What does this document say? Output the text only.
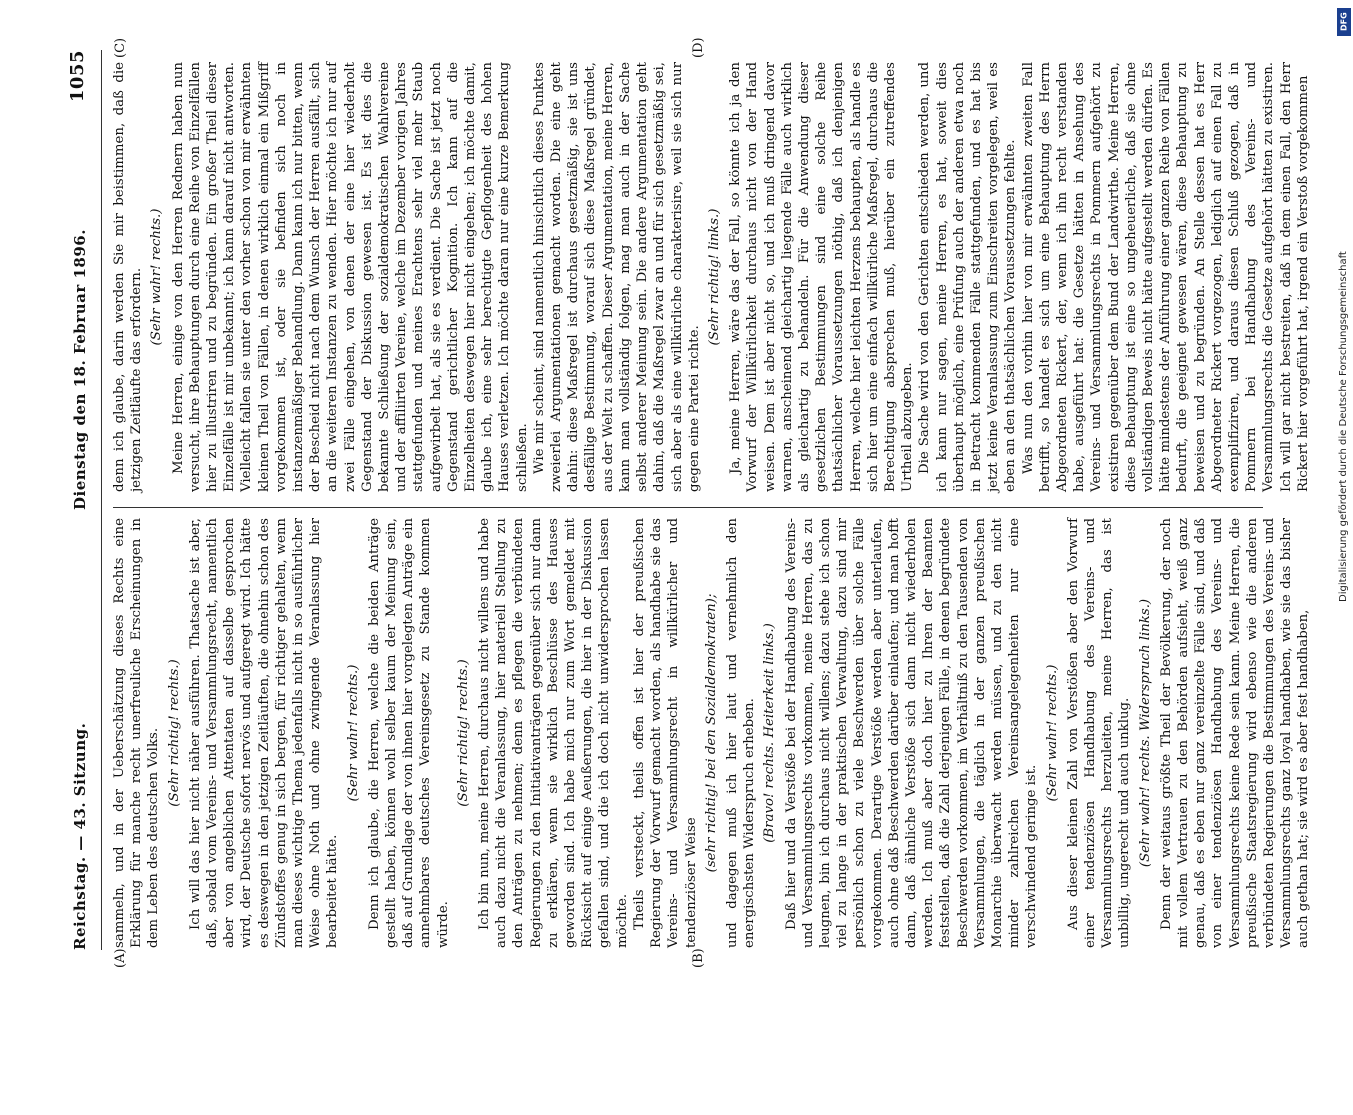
Reichstag. — 43. Sitzung.
Dienstag den 18. Februar 1896.
1055
(A)	(B)
(C)	(D)

sammeln, und in der Ueberschätzung dieses Rechts eine Erklärung für manche recht unerfreuliche Erscheinungen in dem Leben des deutschen Volks. (Sehr richtig! rechts.) Ich will das hier nicht näher ausführen. Thatsache ist aber, daß, sobald vom Vereins- und Versammlungsrecht, namentlich aber von angeblichen Attentaten auf dasselbe gesprochen wird, der Deutsche sofort nervös und aufgeregt wird. Ich hätte es deswegen in den jetzigen Zeitläuften, die ohnehin schon des Zündstoffes genug in sich bergen, für richtiger gehalten, wenn man dieses wichtige Thema jedenfalls nicht in so ausführlicher Weise ohne Noth und ohne zwingende Veranlassung hier bearbeitet hätte.

(Sehr wahr! rechts.) Denn ich glaube, die Herren, welche die beiden Anträge gestellt haben, können wohl selber kaum der Meinung sein, daß auf Grundlage der von ihnen hier vorgelegten Anträge ein annehmbares deutsches Vereinsgesetz zu Stande kommen würde.

(Sehr richtig! rechts.) Ich bin nun, meine Herren, durchaus nicht willens und habe auch dazu nicht die Veranlassung, hier materiell Stellung zu den Anträgen zu nehmen; denn es pflegen die verbündeten Regierungen zu den Initiativanträgen gegenüber sich nur dann zu erklären, wenn sie wirklich Beschlüsse des Hauses geworden sind. Ich habe mich nur zum Wort gemeldet mit Rücksicht auf einige Aeußerungen, die hier in der Diskussion gefallen sind, und die ich doch nicht unwidersprochen lassen möchte. Theils versteckt, theils offen ist hier der preußischen Regierung der Vorwurf gemacht worden, als handhabe sie das Vereins- und Versammlungsrecht in willkürlicher und tendenziöser Weise

(sehr richtig! bei den Sozialdemokraten); und dagegen muß ich hier laut und vernehmlich den energischsten Widerspruch erheben. (Bravo! rechts. Heiterkeit links.) Daß hier und da Verstöße bei der Handhabung des Vereins- und Versammlungsrechts vorkommen, meine Herren, das zu leugnen, bin ich durchaus nicht willens; dazu stehe ich schon viel zu lange in der praktischen Verwaltung, dazu sind mir persönlich schon zu viele Beschwerden über solche Fälle vorgekommen. Derartige Verstöße werden aber unterlaufen, auch ohne daß Beschwerden darüber einlaufen; und man hofft dann, daß ähnliche Verstöße sich dann nicht wiederholen werden. Ich muß aber doch hier zu Ihren der Beamten feststellen, daß die Zahl derjenigen Fälle, in denen begründete Beschwerden vorkommen, im Verhältniß zu den Tausenden von Versammlungen, die täglich in der ganzen preußischen Monarchie überwacht werden müssen, und zu den nicht minder zahlreichen Vereinsangelegenheiten nur eine verschwindend geringe ist.

(Sehr wahr! rechts.) Aus dieser kleinen Zahl von Verstößen aber den Vorwurf einer tendenziösen Handhabung des Vereins- und Versammlungsrechts herzuleiten, meine Herren, das ist unbillig, ungerecht und auch unklug. (Sehr wahr! rechts. Widerspruch links.) Denn der weitaus größte Theil der Bevölkerung, der noch mit vollem Vertrauen zu den Behörden aufsieht, weiß ganz genau, daß es eben nur ganz vereinzelte Fälle sind, und daß von einer tendenziösen Handhabung des Vereins- und Versammlungsrechts keine Rede sein kann. Meine Herren, die preußische Staatsregierung wird ebenso wie die anderen verbündeten Regierungen die Bestimmungen des Vereins- und Versammlungsrechts ganz loyal handhaben, wie sie das bisher auch gethan hat; sie wird es aber fest handhaben,

denn ich glaube, darin werden Sie mir beistimmen, daß die jetzigen Zeitläufte das erfordern. (Sehr wahr! rechts.) Meine Herren, einige von den Herren Rednern haben nun versucht, ihre Behauptungen durch eine Reihe von Einzelfällen hier zu illustriren und zu begründen. Ein großer Theil dieser Einzelfälle ist mir unbekannt; ich kann darauf nicht antworten. Vielleicht fallen sie unter den vorher schon von mir erwähnten kleinen Theil von Fällen, in denen wirklich einmal ein Mißgriff vorgekommen ist, oder sie befinden sich noch in instanzenmäßiger Behandlung. Dann kann ich nur bitten, wenn der Bescheid nicht nach dem Wunsch der Herren ausfällt, sich an die weiteren Instanzen zu wenden. Hier möchte ich nur auf zwei Fälle eingehen, von denen der eine hier wiederholt Gegenstand der Diskussion gewesen ist. Es ist dies die bekannte Schließung der sozialdemokratischen Wahlvereine und der affiliirten Vereine, welche im Dezember vorigen Jahres stattgefunden und meines Erachtens sehr viel mehr Staub aufgewirbelt hat, als sie es verdient. Die Sache ist jetzt noch Gegenstand gerichtlicher Kognition. Ich kann auf die Einzelheiten deswegen hier nicht eingehen; ich möchte damit, glaube ich, eine sehr berechtigte Gepflogenheit des hohen Hauses verletzen. Ich möchte daran nur eine kurze Bemerkung schließen. Wie mir scheint, sind namentlich hinsichtlich dieses Punktes zweierlei Argumentationen gemacht worden. Die eine geht dahin: diese Maßregel ist durchaus gesetzmäßig, sie ist uns desfällige Bestimmung, worauf sich diese Maßregel gründet, aus der Welt zu schaffen. Dieser Argumentation, meine Herren, kann man vollständig folgen, mag man auch in der Sache selbst anderer Meinung sein. Die andere Argumentation geht dahin, daß die Maßregel zwar an und für sich gesetzmäßig sei, sich aber als eine willkürliche charakterisire, weil sie sich nur gegen eine Partei richte.

(Sehr richtig! links.) Ja, meine Herren, wäre das der Fall, so könnte ich ja den Vorwurf der Willkürlichkeit durchaus nicht von der Hand weisen. Dem ist aber nicht so, und ich muß dringend davor warnen, anscheinend gleichartig liegende Fälle auch wirklich als gleichartig zu behandeln. Für die Anwendung dieser gesetzlichen Bestimmungen sind eine solche Reihe thatsächlicher Voraussetzungen nöthig, daß ich denjenigen Herren, welche hier leichten Herzens behaupten, als handle es sich hier um eine einfach willkürliche Maßregel, durchaus die Berechtigung absprechen muß, hierüber ein zutreffendes Urtheil abzugeben. Die Sache wird von den Gerichten entschieden werden, und ich kann nur sagen, meine Herren, es hat, soweit dies überhaupt möglich, eine Prüfung auch der anderen etwa noch in Betracht kommenden Fälle stattgefunden, und es hat bis jetzt keine Veranlassung zum Einschreiten vorgelegen, weil es eben an den thatsächlichen Voraussetzungen fehlte. Was nun den vorhin hier von mir erwähnten zweiten Fall betrifft, so handelt es sich um eine Behauptung des Herrn Abgeordneten Rickert, der, wenn ich ihn recht verstanden habe, ausgeführt hat: die Gesetze hätten in Ansehung des Vereins- und Versammlungsrechts in Pommern aufgehört zu existiren gegenüber dem Bund der Landwirthe. Meine Herren, diese Behauptung ist eine so ungeheuerliche, daß sie ohne vollständigen Beweis nicht hätte aufgestellt werden dürfen. Es hätte mindestens der Anführung einer ganzen Reihe von Fällen bedurft, die geeignet gewesen wären, diese Behauptung zu beweisen und zu begründen. An Stelle dessen hat es Herr Abgeordneter Rickert vorgezogen, lediglich auf einen Fall zu exemplifiziren, und daraus diesen Schluß gezogen, daß in Pommern bei Handhabung des Vereins- und Versammlungsrechts die Gesetze aufgehört hätten zu existiren. Ich will gar nicht bestreiten, daß in dem einen Fall, den Herr Rickert hier vorgeführt hat, irgend ein Verstoß vorgekommen

DFG
Digitalisierung gefördert durch die Deutsche Forschungsgemeinschaft
